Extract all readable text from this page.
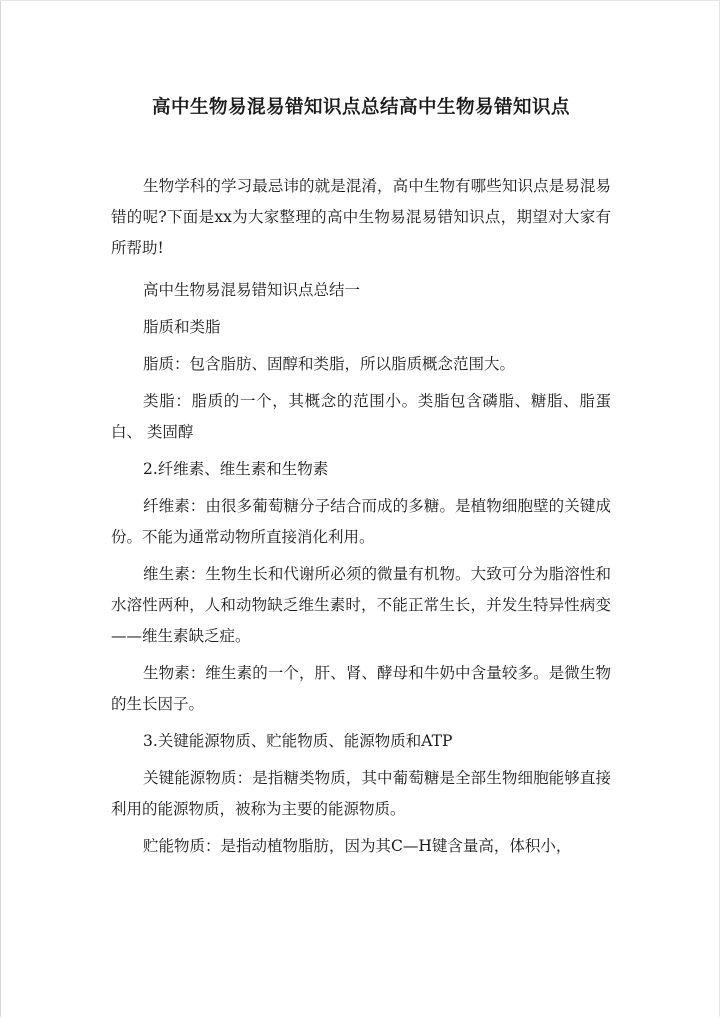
高中生物易混易错知识点总结高中生物易错知识点

生物学科的学习最忌讳的就是混淆，高中生物有哪些知识点是易混易错的呢?下面是xx为大家整理的高中生物易混易错知识点，期望对大家有所帮助!

高中生物易混易错知识点总结一

脂质和类脂

脂质：包含脂肪、固醇和类脂，所以脂质概念范围大。

类脂：脂质的一个，其概念的范围小。类脂包含磷脂、糖脂、脂蛋白、 类固醇

2.纤维素、维生素和生物素

纤维素：由很多葡萄糖分子结合而成的多糖。是植物细胞壁的关键成份。不能为通常动物所直接消化利用。

维生素：生物生长和代谢所必须的微量有机物。大致可分为脂溶性和水溶性两种，人和动物缺乏维生素时，不能正常生长，并发生特异性病变——维生素缺乏症。

生物素：维生素的一个，肝、肾、酵母和牛奶中含量较多。是微生物的生长因子。

3.关键能源物质、贮能物质、能源物质和ATP

关键能源物质：是指糖类物质，其中葡萄糖是全部生物细胞能够直接利用的能源物质，被称为主要的能源物质。

贮能物质：是指动植物脂肪，因为其C—H键含量高，体积小，
